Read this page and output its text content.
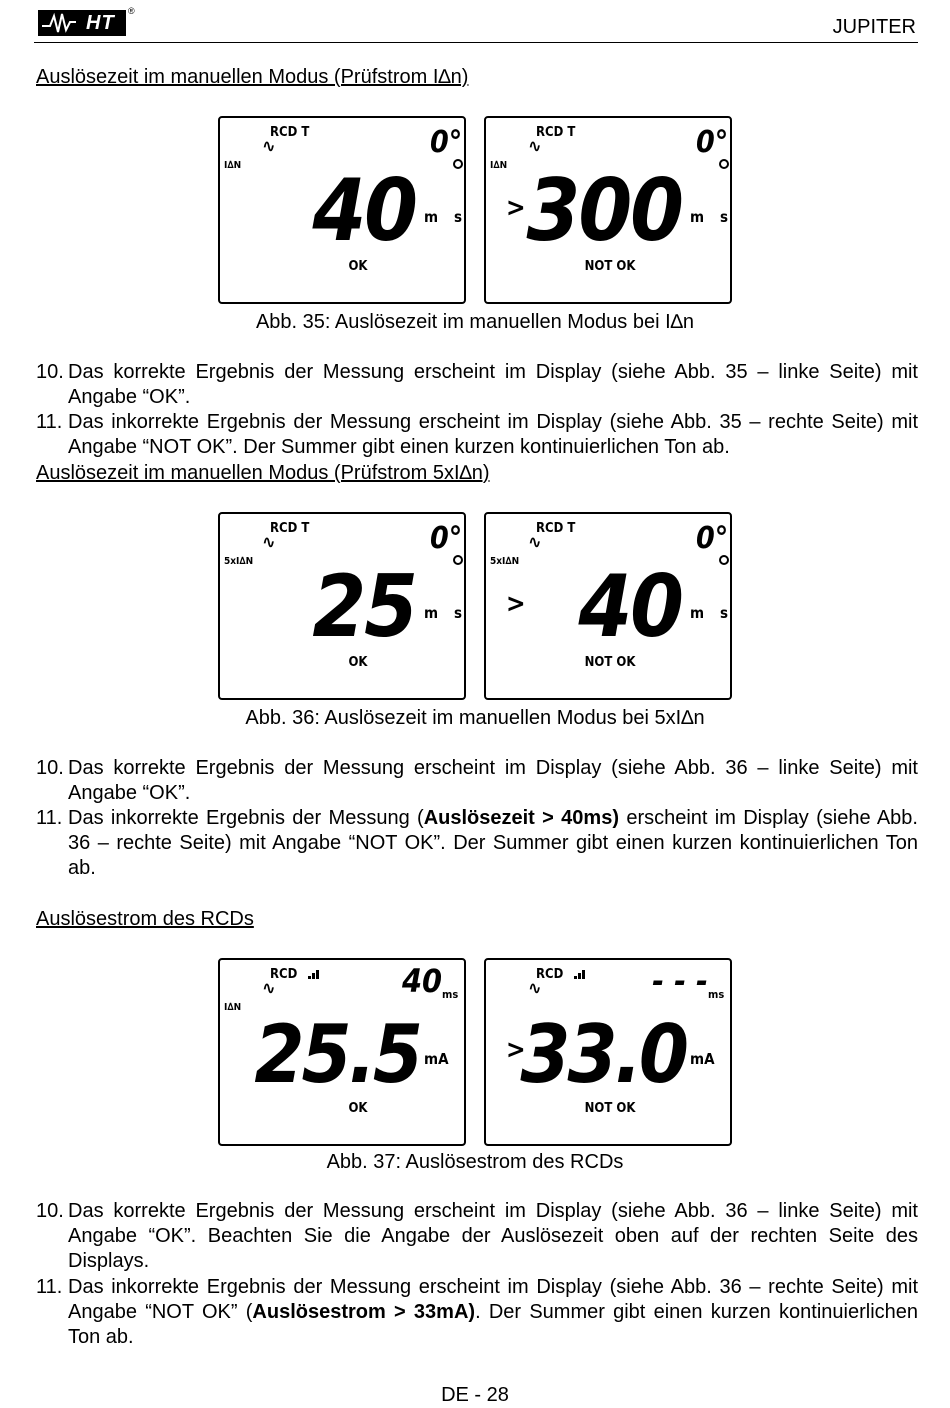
HT
®
JUPITER
Auslösezeit im manuellen Modus (Prüfstrom I∆n)
RCD T
∿
I∆N
OK
0°
40 m s
RCD T
∿
I∆N
>
NOT OK
0°
300 m s
Abb. 35: Auslösezeit im manuellen Modus bei I∆n
10. Das korrekte Ergebnis der Messung erscheint im Display (siehe Abb. 35 – linke Seite) mit Angabe “OK”.
11. Das inkorrekte Ergebnis der Messung erscheint im Display (siehe Abb. 35 – rechte Seite) mit Angabe “NOT OK”. Der Summer gibt einen kurzen kontinuierlichen Ton ab.
Auslösezeit im manuellen Modus (Prüfstrom 5xI∆n)
RCD T
∿
5xI∆N
OK
0°
25 m s
RCD T
∿
5xI∆N
>
NOT OK
0°
40 m s
Abb. 36: Auslösezeit im manuellen Modus bei 5xI∆n
10. Das korrekte Ergebnis der Messung erscheint im Display (siehe Abb. 36 – linke Seite) mit Angabe “OK”.
11. Das inkorrekte Ergebnis der Messung (Auslösezeit > 40ms) erscheint im Display (siehe Abb. 36 – rechte Seite) mit Angabe “NOT OK”. Der Summer gibt einen kurzen kontinuierlichen Ton ab.
Auslösestrom des RCDs
RCD
∿
I∆N
OK
40 ms
25.5 mA
RCD
∿
>
NOT OK
- - - ms
33.0 mA
Abb. 37: Auslösestrom des RCDs
10. Das korrekte Ergebnis der Messung erscheint im Display (siehe Abb. 36 – linke Seite) mit Angabe “OK”. Beachten Sie die Angabe der Auslösezeit oben auf der rechten Seite des Displays.
11. Das inkorrekte Ergebnis der Messung erscheint im Display (siehe Abb. 36 – rechte Seite) mit Angabe “NOT OK” (Auslösestrom > 33mA). Der Summer gibt einen kurzen kontinuierlichen Ton ab.
DE - 28
